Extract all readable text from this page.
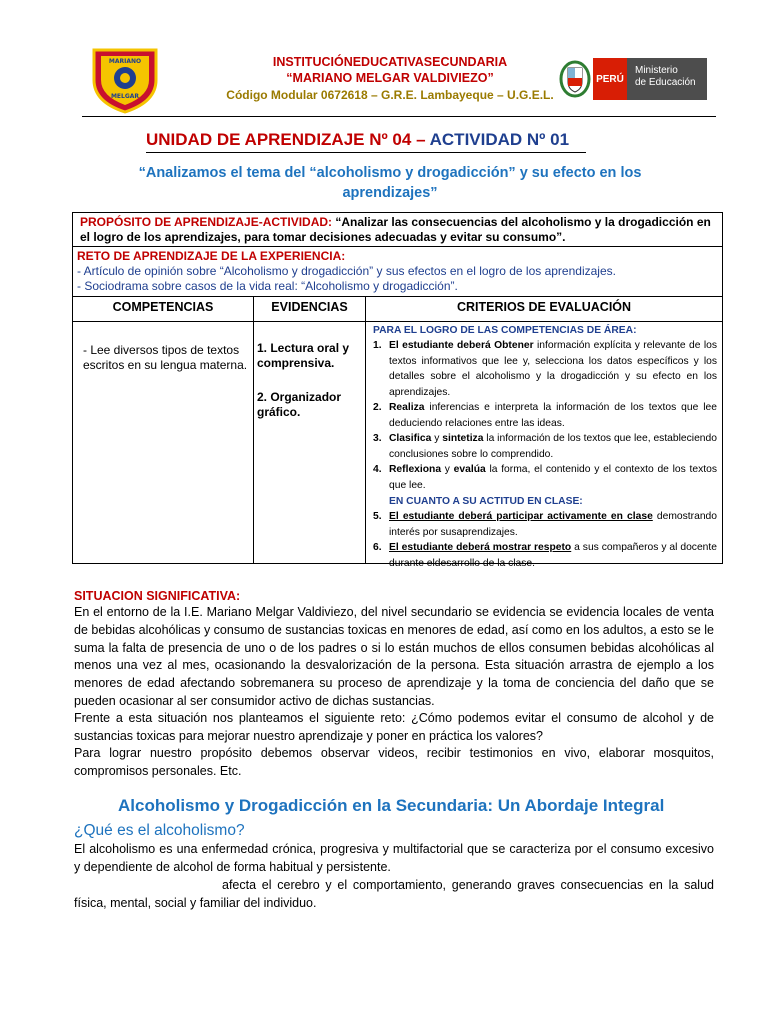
MARIANO
MELGAR
INSTITUCIÓNEDUCATIVASECUNDARIA
“MARIANO MELGAR VALDIVIEZO”
Código Modular 0672618 – G.R.E. Lambayeque – U.G.E.L.
PERÚ
Ministerio
de Educación
UNIDAD DE APRENDIZAJE Nº 04 – ACTIVIDAD Nº 01
“Analizamos el tema del “alcoholismo y drogadicción” y su efecto en los aprendizajes”
PROPÓSITO DE APRENDIZAJE-ACTIVIDAD: “Analizar las consecuencias del alcoholismo y la drogadicción en el logro de los aprendizajes, para tomar decisiones adecuadas y evitar su consumo”.
RETO DE APRENDIZAJE DE LA EXPERIENCIA:
- Artículo de opinión sobre “Alcoholismo y drogadicción” y sus efectos en el logro de los aprendizajes.
- Sociodrama sobre casos de la vida real: “Alcoholismo y drogadicción”.
COMPETENCIAS	EVIDENCIAS	CRITERIOS DE EVALUACIÓN
- Lee diversos tipos de textos escritos en su lengua materna.
1. Lectura oral y comprensiva.
2. Organizador gráfico.
PARA EL LOGRO DE LAS COMPETENCIAS DE ÁREA:
1. El estudiante deberá Obtener información explícita y relevante de los textos informativos que lee y, selecciona los datos específicos y los detalles sobre el alcoholismo y la drogadicción y su efecto en los aprendizajes.
2. Realiza inferencias e interpreta la información de los textos que lee deduciendo relaciones entre las ideas.
3. Clasifica y sintetiza la información de los textos que lee, estableciendo conclusiones sobre lo comprendido.
4. Reflexiona y evalúa la forma, el contenido y el contexto de los textos que lee.
EN CUANTO A SU ACTITUD EN CLASE:
5. El estudiante deberá participar activamente en clase demostrando interés por susaprendizajes.
6. El estudiante deberá mostrar respeto a sus compañeros y al docente durante eldesarrollo de la clase.
SITUACION SIGNIFICATIVA:
En el entorno de la I.E. Mariano Melgar Valdiviezo, del nivel secundario se evidencia se evidencia locales de venta de bebidas alcohólicas y consumo de sustancias toxicas en menores de edad, así como en los adultos, a esto se le suma la falta de presencia de uno o de los padres o si lo están muchos de ellos consumen bebidas alcohólicas al menos una vez al mes, ocasionando la desvalorización de la persona. Esta situación arrastra de ejemplo a los menores de edad afectando sobremanera su proceso de aprendizaje y la toma de conciencia del daño que se pueden ocasionar al ser consumidor activo de dichas sustancias.
Frente a esta situación nos planteamos el siguiente reto: ¿Cómo podemos evitar el consumo de alcohol y de sustancias toxicas para mejorar nuestro aprendizaje y poner en práctica los valores?
Para lograr nuestro propósito debemos observar videos, recibir testimonios en vivo, elaborar mosquitos, compromisos personales. Etc.
Alcoholismo y Drogadicción en la Secundaria: Un Abordaje Integral
¿Qué es el alcoholismo?
El alcoholismo es una enfermedad crónica, progresiva y multifactorial que se caracteriza por el consumo excesivo y dependiente de alcohol de forma habitual y persistente.
afecta el cerebro y el comportamiento, generando graves consecuencias en la salud física, mental, social y familiar del individuo.
